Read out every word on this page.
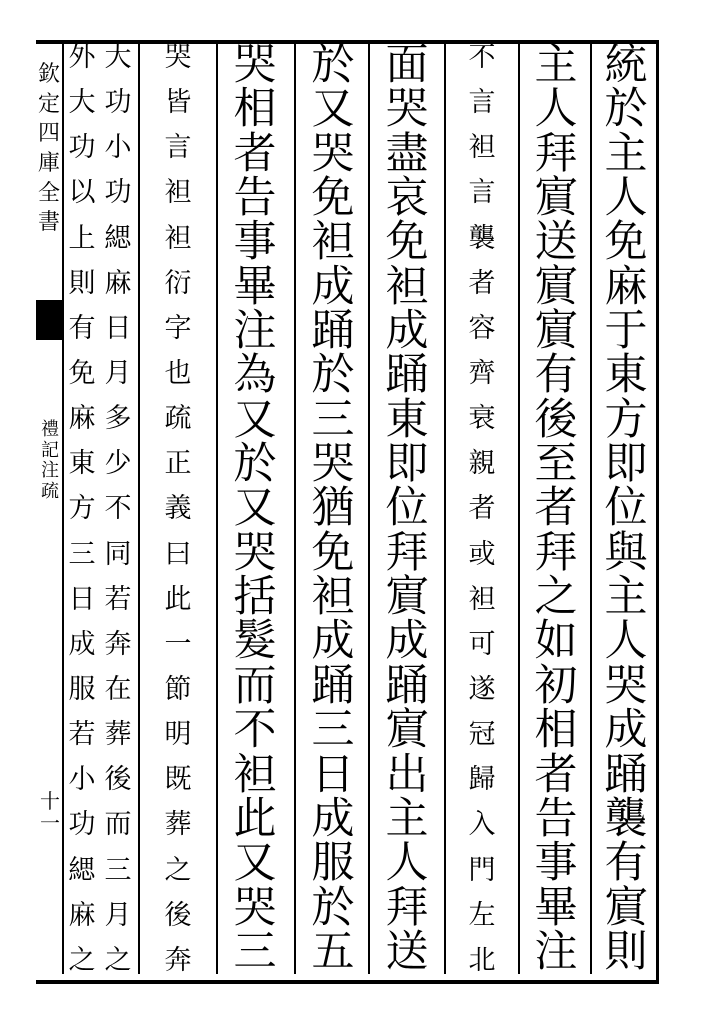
欽
定
四
庫
全
書
禮
記
注
疏
十
一
統
於
主
人
免
麻
于
東
方
即
位
與
主
人
哭
成
踊
襲
有
賔
則
主
人
拜
賔
送
賔
賔
有
後
至
者
拜
之
如
初
相
者
告
事
畢
注
不
言
袒
言
襲
者
容
齊
衰
親
者
或
袒
可
遂
冠
歸
入
門
左
北
面
哭
盡
哀
免
袒
成
踊
東
即
位
拜
賔
成
踊
賔
出
主
人
拜
送
於
又
哭
免
袒
成
踊
於
三
哭
猶
免
袒
成
踊
三
日
成
服
於
五
哭
相
者
告
事
畢
注
為
又
於
又
哭
括
髮
而
不
袒
此
又
哭
三
哭
皆
言
袒
袒
衍
字
也
疏
正
義
曰
此
一
節
明
既
葬
之
後
奔
大
功
小
功
緦
麻
日
月
多
少
不
同
若
奔
在
葬
後
而
三
月
之
外
大
功
以
上
則
有
免
麻
東
方
三
日
成
服
若
小
功
緦
麻
之
